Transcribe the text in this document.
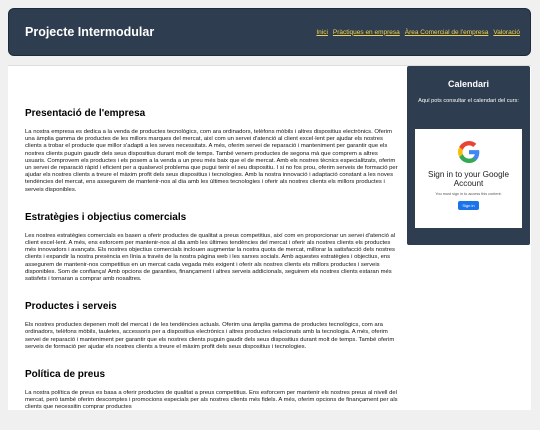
Projecte Intermodular	Inici Pràctiques en empresa Àrea Comercial de l'empresa Valoració
Presentació de l'empresa

La nostra empresa es dedica a la venda de productes tecnològics, com ara ordinadors, telèfons mòbils i altres dispositius electrònics. Oferim una àmplia gamma de productes de les millors marques del mercat, així com un servei d'atenció al client excel·lent per ajudar els nostres clients a trobar el producte que millor s'adapti a les seves necessitats. A més, oferim servei de reparació i manteniment per garantir que els nostres clients puguin gaudir dels seus dispositius durant molt de temps. També venem productes de segona mà que comprem a altres usuaris. Comprovem els productes i els posem a la venda a un preu més baix que el de mercat. Amb els nostres tècnics especialitzats, oferim un servei de reparació ràpid i eficient per a qualsevol problema que pugui tenir el seu dispositiu. I si no fos prou, oferim serveis de formació per ajudar els nostres clients a treure el màxim profit dels seus dispositius i tecnologies. Amb la nostra innovació i adaptació constant a les noves tendències del mercat, ens assegurem de mantenir-nos al dia amb les últimes tecnologies i oferir als nostres clients els millors productes i serveis disponibles.

Estratègies i objectius comercials

Les nostres estratègies comercials es basen a oferir productes de qualitat a preus competitius, així com en proporcionar un servei d'atenció al client excel·lent. A més, ens esforcem per mantenir-nos al dia amb les últimes tendències del mercat i oferir als nostres clients els productes més innovadors i avançats. Els nostres objectius comercials inclouen augmentar la nostra quota de mercat, millorar la satisfacció dels nostres clients i expandir la nostra presència en línia a través de la nostra pàgina web i les xarxes socials. Amb aquestes estratègies i objectius, ens assegurem de mantenir-nos competitius en un mercat cada vegada més exigent i oferir als nostres clients els millors productes i serveis disponibles. Som de confiança! Amb opcions de garanties, finançament i altres serveis addicionals, seguirem els nostres clients estaran més satisfets i tornaran a comprar amb nosaltres.

Productes i serveis

Els nostres productes depenen molt del mercat i de les tendències actuals. Oferim una àmplia gamma de productes tecnològics, com ara ordinadors, telèfons mòbils, tauletes, accessoris per a dispositius electrònics i altres productes relacionats amb la tecnologia. A més, oferim servei de reparació i manteniment per garantir que els nostres clients puguin gaudir dels seus dispositius durant molt de temps. També oferim serveis de formació per ajudar els nostres clients a treure el màxim profit dels seus dispositius i tecnologies.

Política de preus

La nostra política de preus es basa a oferir productes de qualitat a preus competitius. Ens esforcem per mantenir els nostres preus al nivell del mercat, però també oferim descomptes i promocions especials per als nostres clients més fidels. A més, oferim opcions de finançament per als clients que necessitin comprar productes

Calendari
Aquí pots consultar el calendari del curs:
Sign in to your Google Account
You must sign in to access this content.
Sign in
